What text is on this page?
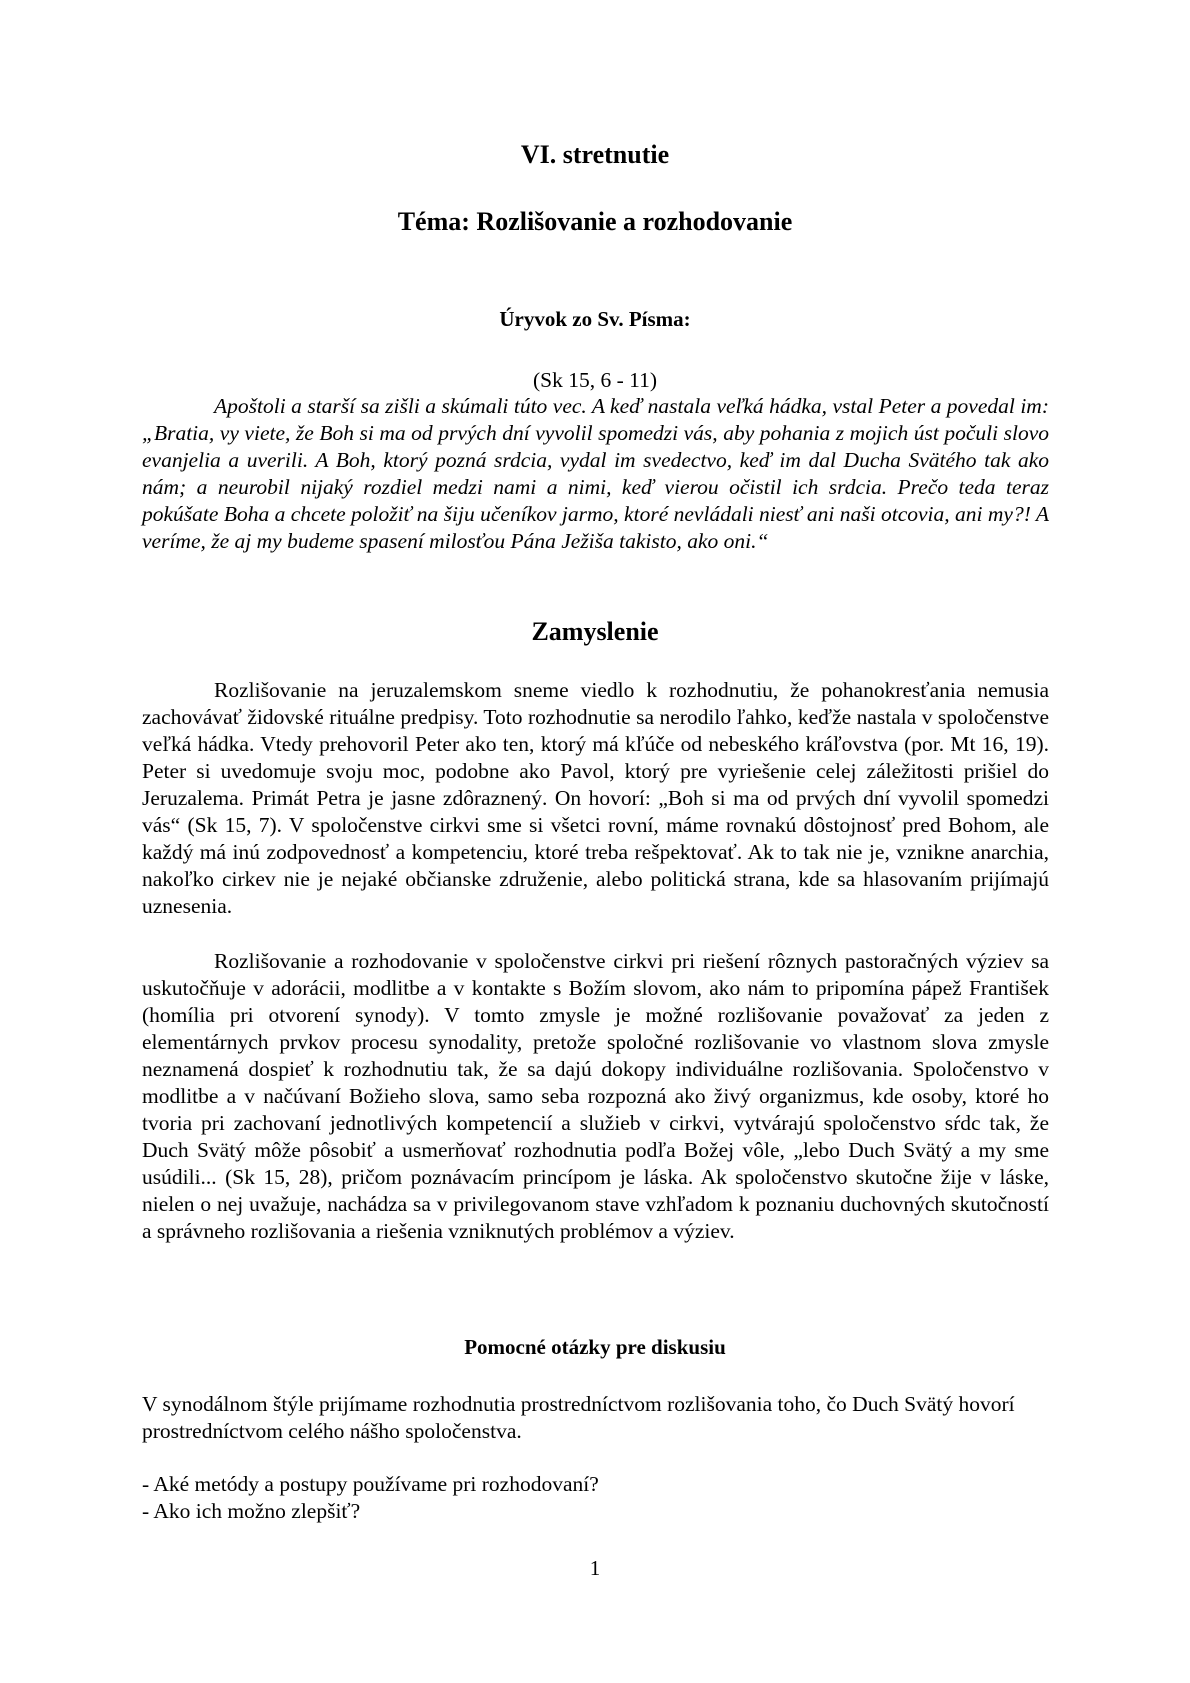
VI. stretnutie
Téma: Rozlišovanie a rozhodovanie
Úryvok zo Sv. Písma:
(Sk 15, 6 - 11)

Apoštoli a starší sa zišli a skúmali túto vec. A keď nastala veľká hádka, vstal Peter a povedal im: „Bratia, vy viete, že Boh si ma od prvých dní vyvolil spomedzi vás, aby pohania z mojich úst počuli slovo evanjelia a uverili. A Boh, ktorý pozná srdcia, vydal im svedectvo, keď im dal Ducha Svätého tak ako nám; a neurobil nijaký rozdiel medzi nami a nimi, keď vierou očistil ich srdcia. Prečo teda teraz pokúšate Boha a chcete položiť na šiju učeníkov jarmo, ktoré nevládali niesť ani naši otcovia, ani my?! A veríme, že aj my budeme spasení milosťou Pána Ježiša takisto, ako oni.“

Zamyslenie

Rozlišovanie na jeruzalemskom sneme viedlo k rozhodnutiu, že pohanokresťania nemusia zachovávať židovské rituálne predpisy. Toto rozhodnutie sa nerodilo ľahko, keďže nastala v spoločenstve veľká hádka. Vtedy prehovoril Peter ako ten, ktorý má kľúče od nebeského kráľovstva (por. Mt 16, 19). Peter si uvedomuje svoju moc, podobne ako Pavol, ktorý pre vyriešenie celej záležitosti prišiel do Jeruzalema. Primát Petra je jasne zdôraznený. On hovorí: „Boh si ma od prvých dní vyvolil spomedzi vás“ (Sk 15, 7). V spoločenstve cirkvi sme si všetci rovní, máme rovnakú dôstojnosť pred Bohom, ale každý má inú zodpovednosť a kompetenciu, ktoré treba rešpektovať. Ak to tak nie je, vznikne anarchia, nakoľko cirkev nie je nejaké občianske združenie, alebo politická strana, kde sa hlasovaním prijímajú uznesenia.

Rozlišovanie a rozhodovanie v spoločenstve cirkvi pri riešení rôznych pastoračných výziev sa uskutočňuje v adorácii, modlitbe a v kontakte s Božím slovom, ako nám to pripomína pápež František (homília pri otvorení synody). V tomto zmysle je možné rozlišovanie považovať za jeden z elementárnych prvkov procesu synodality, pretože spoločné rozlišovanie vo vlastnom slova zmysle neznamená dospieť k rozhodnutiu tak, že sa dajú dokopy individuálne rozlišovania. Spoločenstvo v modlitbe a v načúvaní Božieho slova, samo seba rozpozná ako živý organizmus, kde osoby, ktoré ho tvoria pri zachovaní jednotlivých kompetencií a služieb v cirkvi, vytvárajú spoločenstvo sŕdc tak, že Duch Svätý môže pôsobiť a usmerňovať rozhodnutia podľa Božej vôle, „lebo Duch Svätý a my sme usúdili... (Sk 15, 28), pričom poznávacím princípom je láska. Ak spoločenstvo skutočne žije v láske, nielen o nej uvažuje, nachádza sa v privilegovanom stave vzhľadom k poznaniu duchovných skutočností a správneho rozlišovania a riešenia vzniknutých problémov a výziev.

Pomocné otázky pre diskusiu

V synodálnom štýle prijímame rozhodnutia prostredníctvom rozlišovania toho, čo Duch Svätý hovorí prostredníctvom celého nášho spoločenstva.

- Aké metódy a postupy používame pri rozhodovaní?
- Ako ich možno zlepšiť?
1
